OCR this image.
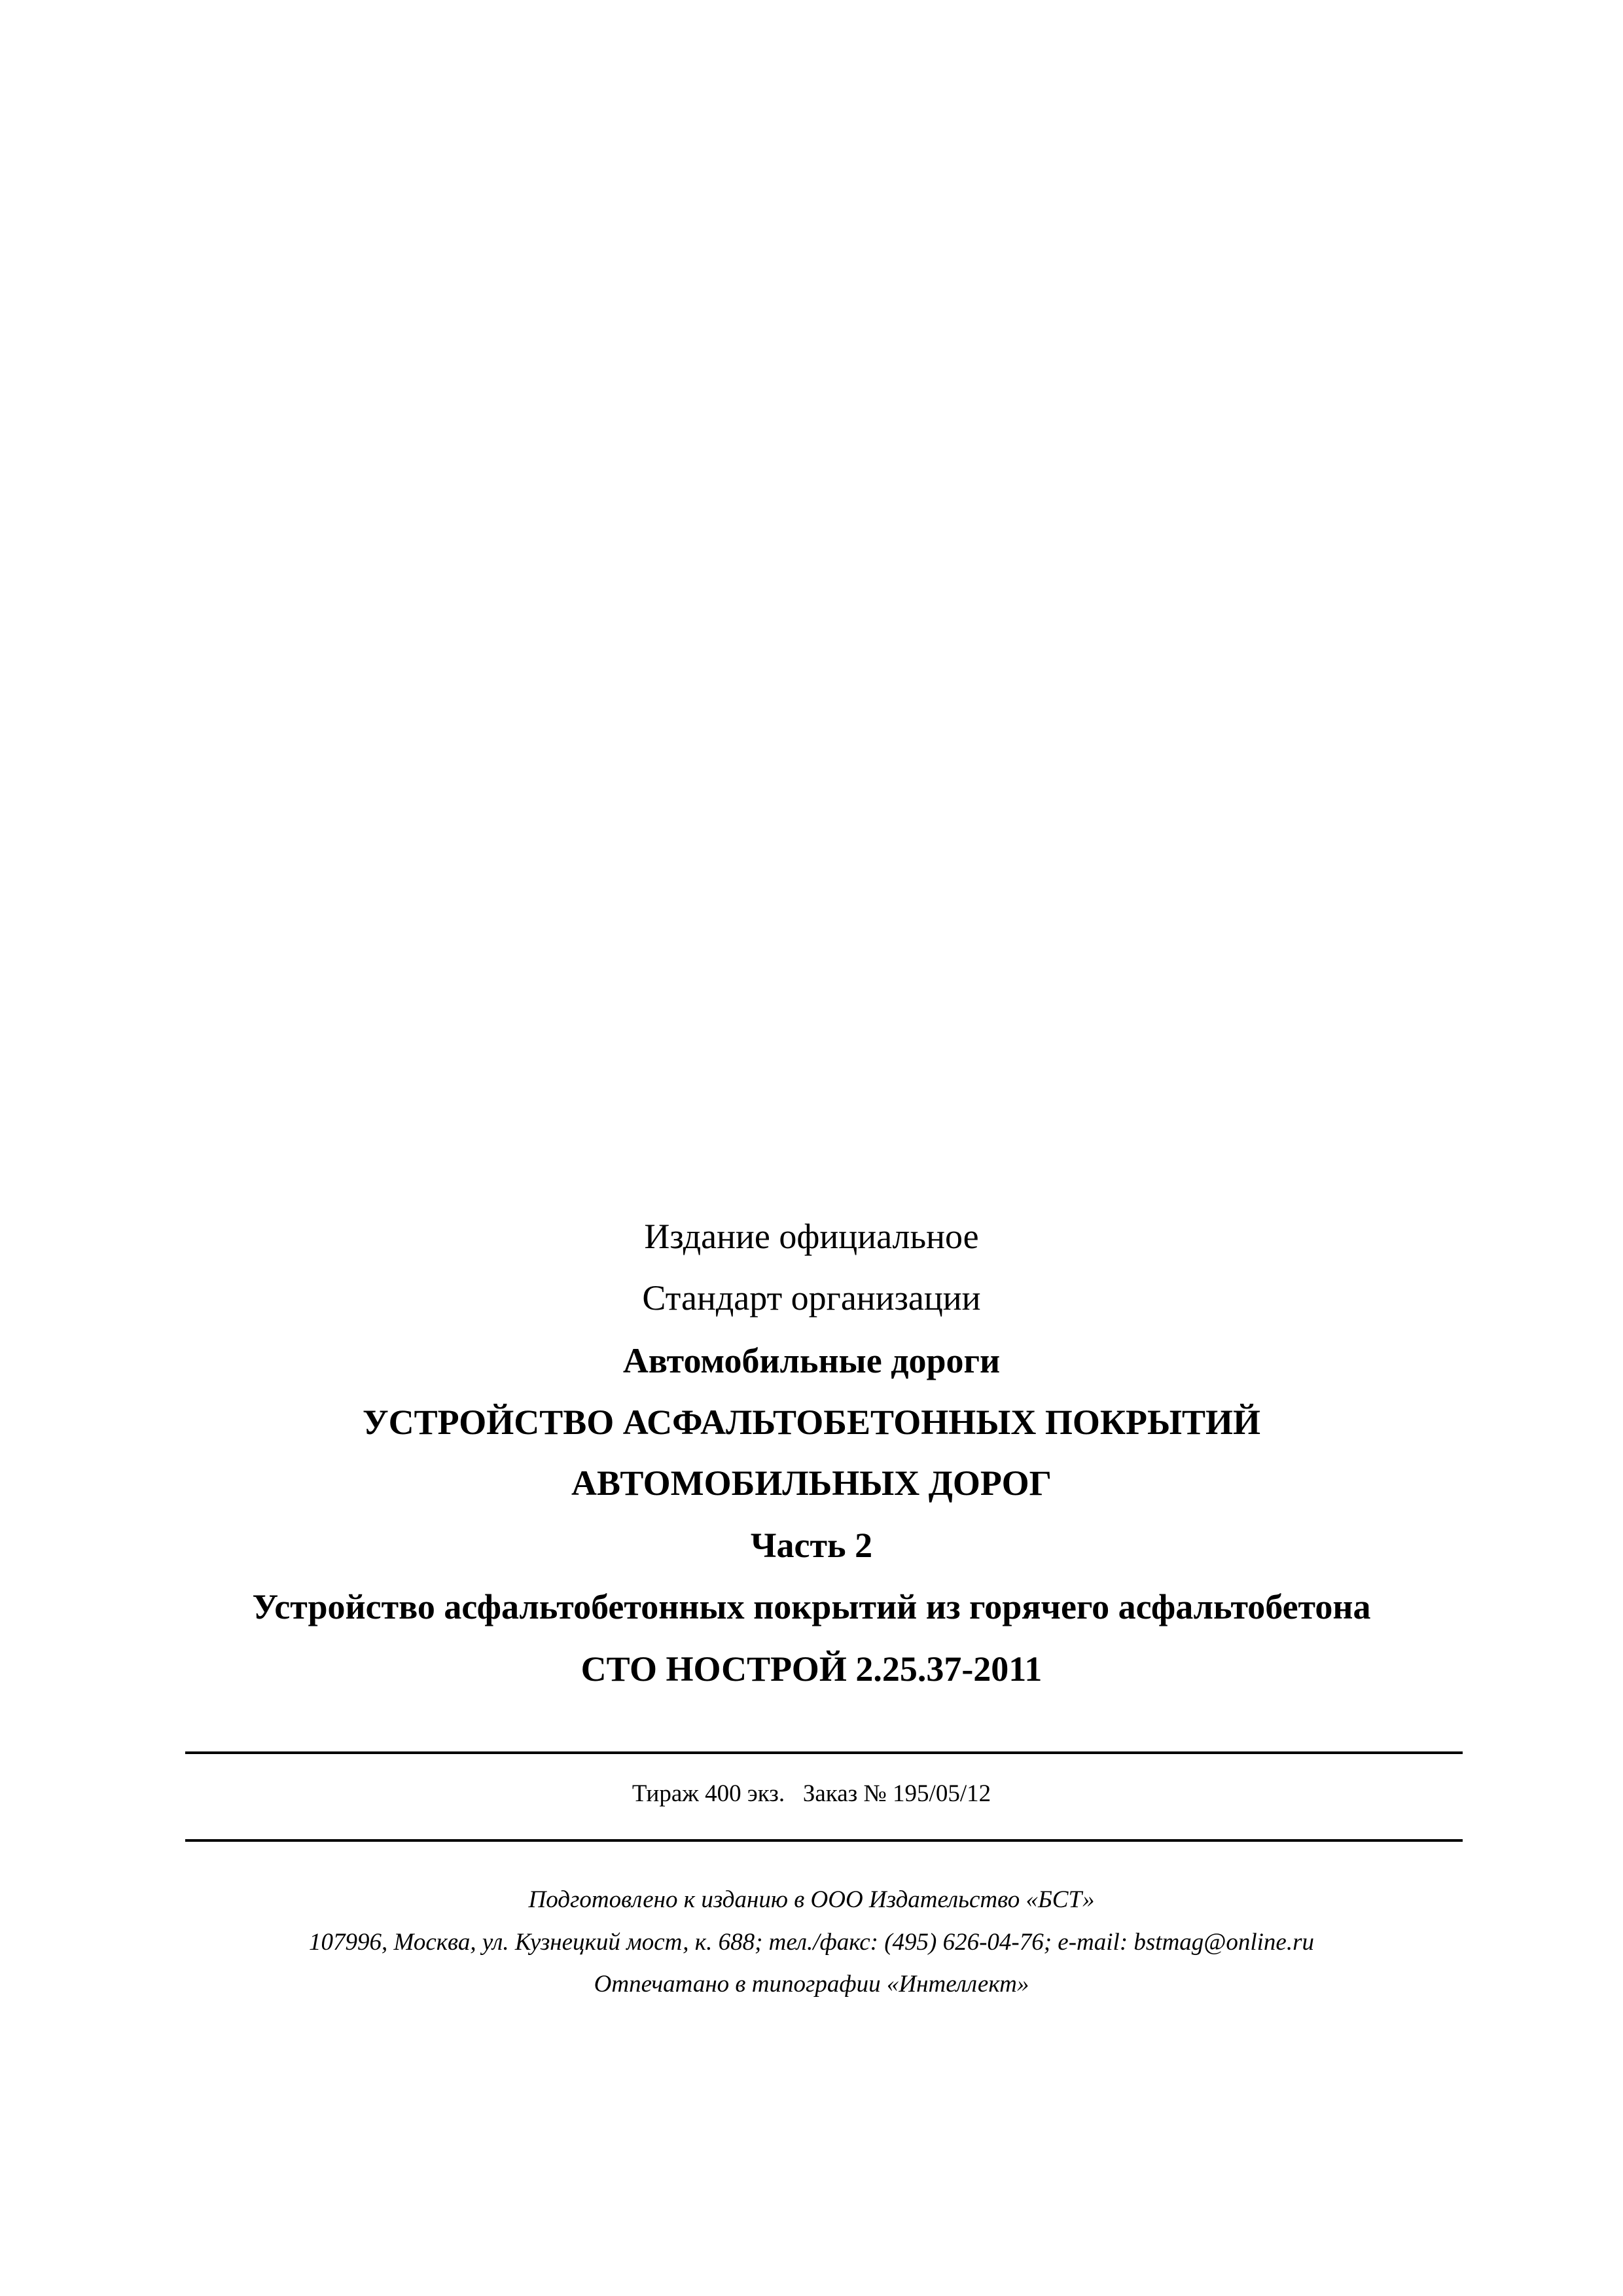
Издание официальное
Стандарт организации
Автомобильные дороги
УСТРОЙСТВО АСФАЛЬТОБЕТОННЫХ ПОКРЫТИЙ
АВТОМОБИЛЬНЫХ ДОРОГ
Часть 2
Устройство асфальтобетонных покрытий из горячего асфальтобетона
СТО НОСТРОЙ 2.25.37-2011
Тираж 400 экз. Заказ № 195/05/12
Подготовлено к изданию в ООО Издательство «БСТ»
107996, Москва, ул. Кузнецкий мост, к. 688; тел./факс: (495) 626-04-76; e-mail: bstmag@online.ru
Отпечатано в типографии «Интеллект»
